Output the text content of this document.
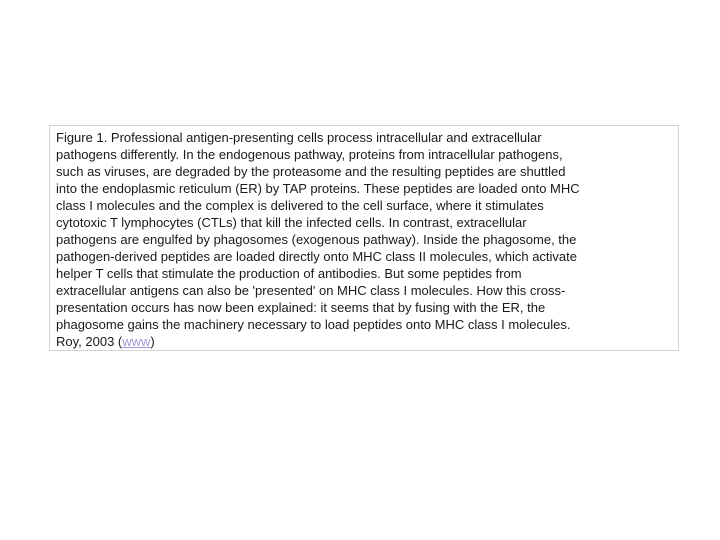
Figure 1. Professional antigen-presenting cells process intracellular and extracellular
pathogens differently. In the endogenous pathway, proteins from intracellular pathogens,
such as viruses, are degraded by the proteasome and the resulting peptides are shuttled
into the endoplasmic reticulum (ER) by TAP proteins. These peptides are loaded onto MHC
class I molecules and the complex is delivered to the cell surface, where it stimulates
cytotoxic T lymphocytes (CTLs) that kill the infected cells. In contrast, extracellular
pathogens are engulfed by phagosomes (exogenous pathway). Inside the phagosome, the
pathogen-derived peptides are loaded directly onto MHC class II molecules, which activate
helper T cells that stimulate the production of antibodies. But some peptides from
extracellular antigens can also be 'presented' on MHC class I molecules. How this cross-
presentation occurs has now been explained: it seems that by fusing with the ER, the
phagosome gains the machinery necessary to load peptides onto MHC class I molecules.
Roy, 2003 (www)
